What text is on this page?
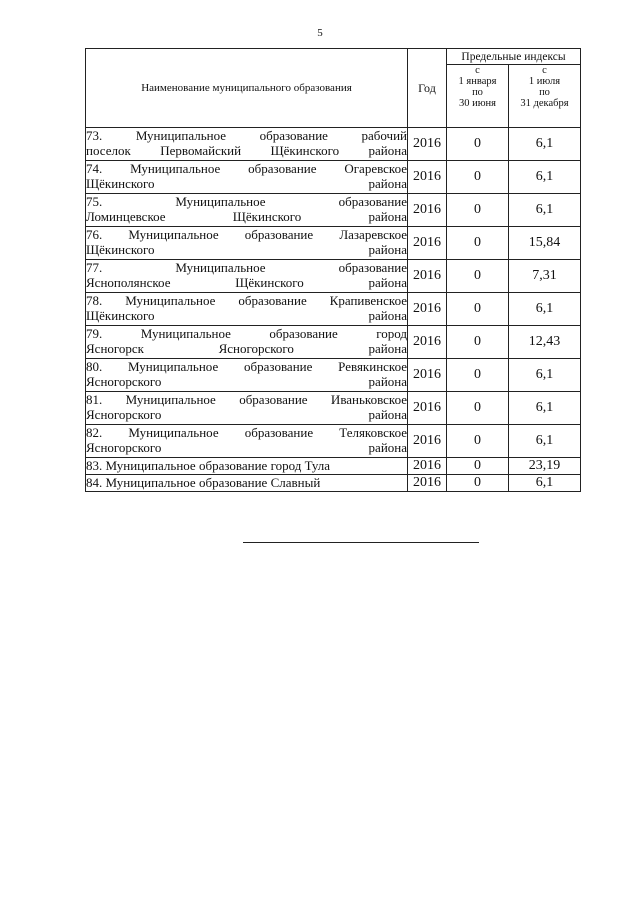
5
Наименование муниципального образования	Год	Предельные индексы	

		с
1 января
по
30 июня	с
1 июля
по
31 декабря

73. Муниципальное образование рабочий

поселок Первомайский Щёкинского района	2016	0	6,1
74. Муниципальное образование Огаревское

Щёкинского района	2016	0	6,1
75. Муниципальное образование

Ломинцевское Щёкинского района	2016	0	6,1
76. Муниципальное образование Лазаревское

Щёкинского района	2016	0	15,84
77. Муниципальное образование

Яснополянское Щёкинского района	2016	0	7,31
78. Муниципальное образование Крапивенское

Щёкинского района	2016	0	6,1
79. Муниципальное образование город

Ясногорск Ясногорского района	2016	0	12,43
80. Муниципальное образование Ревякинское

Ясногорского района	2016	0	6,1
81. Муниципальное образование Иваньковское

Ясногорского района	2016	0	6,1
82. Муниципальное образование Теляковское

Ясногорского района	2016	0	6,1
83. Муниципальное образование город Тула	2016	0	23,19
84. Муниципальное образование Славный	2016	0	6,1
